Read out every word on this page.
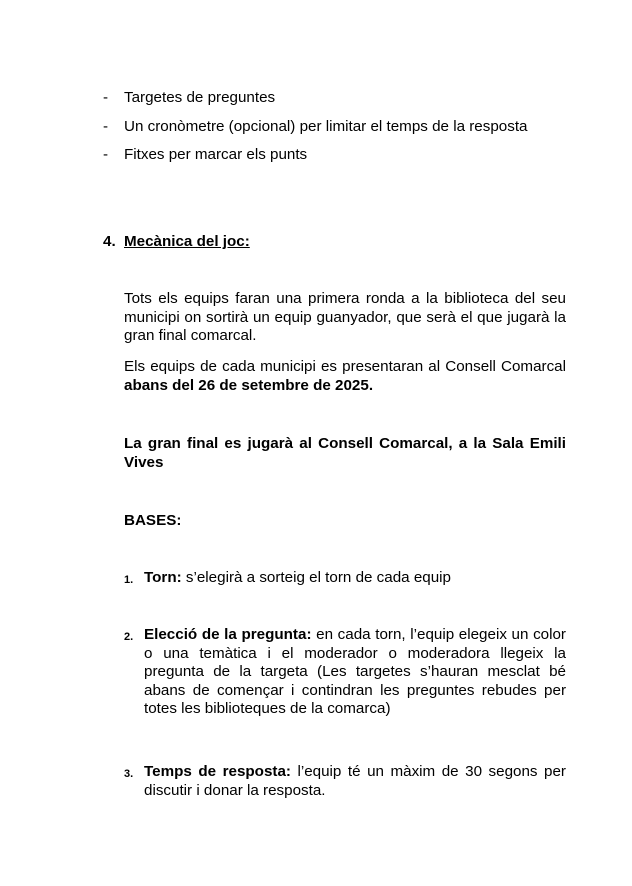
- Targetes de preguntes
- Un cronòmetre (opcional) per limitar el temps de la resposta
- Fitxes per marcar els punts
4. Mecànica del joc:
Tots els equips faran una primera ronda a la biblioteca del seu municipi on sortirà un equip guanyador, que serà el que jugarà la gran final comarcal.
Els equips de cada municipi es presentaran al Consell Comarcal abans del 26 de setembre de 2025.
La gran final es jugarà al Consell Comarcal, a la Sala Emili Vives
BASES:
1. Torn: s’elegirà a sorteig el torn de cada equip
2. Elecció de la pregunta: en cada torn, l’equip elegeix un color o una temàtica i el moderador o moderadora llegeix la pregunta de la targeta (Les targetes s’hauran mesclat bé abans de començar i contindran les preguntes rebudes per totes les biblioteques de la comarca)
3. Temps de resposta: l’equip té un màxim de 30 segons per discutir i donar la resposta.
